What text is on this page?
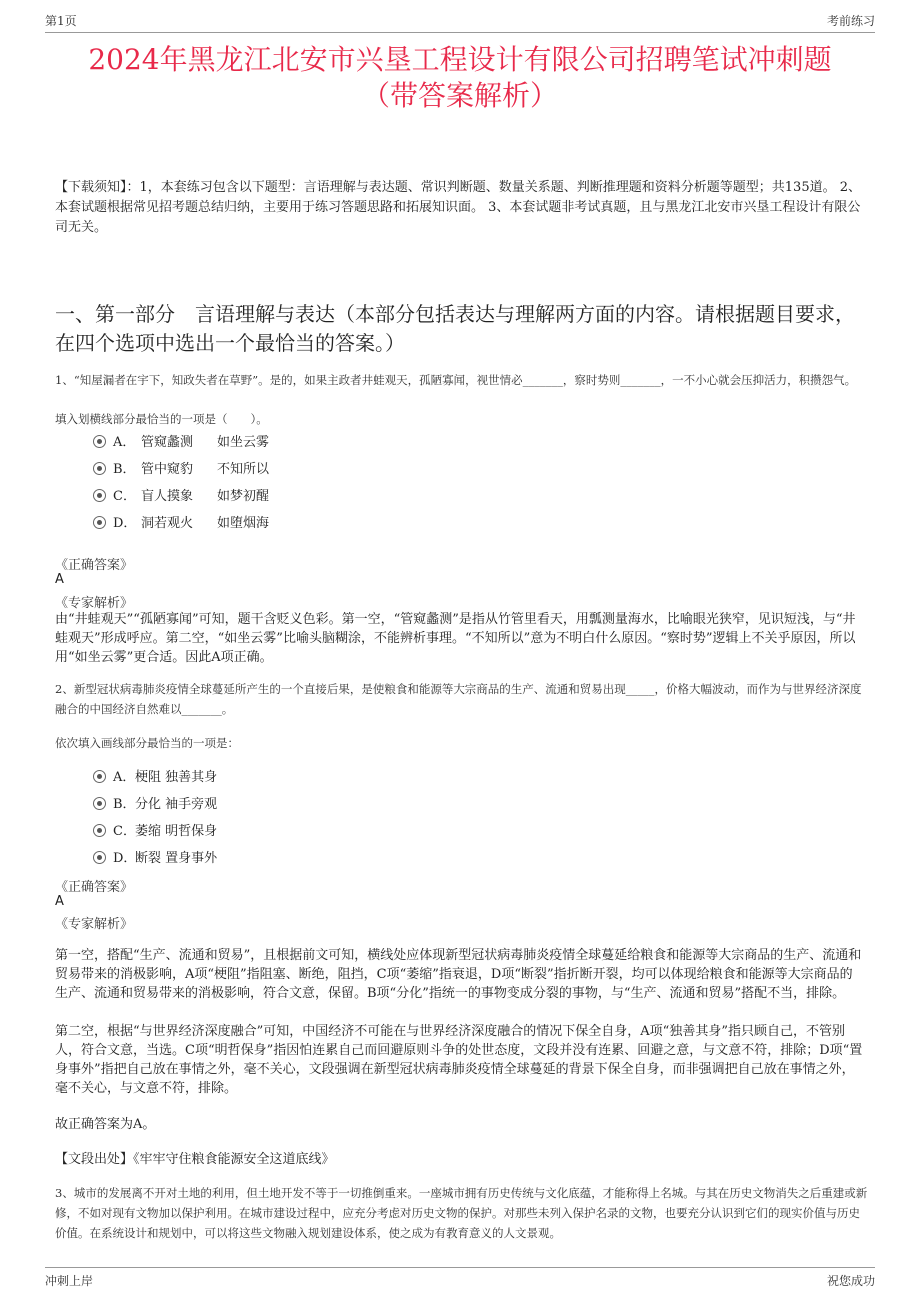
第1页	考前练习
2024年黑龙江北安市兴垦工程设计有限公司招聘笔试冲刺题
（带答案解析）
【下载须知】：1，本套练习包含以下题型：言语理解与表达题、常识判断题、数量关系题、判断推理题和资料分析题等题型；共135道。 2、本套试题根据常见招考题总结归纳，主要用于练习答题思路和拓展知识面。 3、本套试题非考试真题，且与黑龙江北安市兴垦工程设计有限公司无关。
一、第一部分　言语理解与表达（本部分包括表达与理解两方面的内容。请根据题目要求，在四个选项中选出一个最恰当的答案。）
1、“知屋漏者在宇下，知政失者在草野”。是的，如果主政者井蛙观天，孤陋寡闻，视世情必_______，察时势则_______，一不小心就会压抑活力，积攒怨气。
填入划横线部分最恰当的一项是（　　）。
A． 管窥蠡测 如坐云雾
B． 管中窥豹 不知所以
C． 盲人摸象 如梦初醒
D． 洞若观火 如堕烟海
《正确答案》
A
《专家解析》
由“井蛙观天”“孤陋寡闻”可知，题干含贬义色彩。第一空，“管窥蠡测”是指从竹管里看天，用瓢测量海水，比喻眼光狭窄，见识短浅，与“井蛙观天”形成呼应。第二空，“如坐云雾”比喻头脑糊涂，不能辨析事理。“不知所以”意为不明白什么原因。“察时势”逻辑上不关乎原因，所以用“如坐云雾”更合适。因此A项正确。
2、新型冠状病毒肺炎疫情全球蔓延所产生的一个直接后果，是使粮食和能源等大宗商品的生产、流通和贸易出现_____，价格大幅波动，而作为与世界经济深度融合的中国经济自然难以_______。
依次填入画线部分最恰当的一项是：
A．梗阻 独善其身
B．分化 袖手旁观
C．萎缩 明哲保身
D．断裂 置身事外
《正确答案》
A
《专家解析》
第一空，搭配“生产、流通和贸易”，且根据前文可知，横线处应体现新型冠状病毒肺炎疫情全球蔓延给粮食和能源等大宗商品的生产、流通和贸易带来的消极影响，A项“梗阻”指阻塞、断绝，阻挡，C项“萎缩”指衰退，D项“断裂”指折断开裂，均可以体现给粮食和能源等大宗商品的生产、流通和贸易带来的消极影响，符合文意，保留。B项“分化”指统一的事物变成分裂的事物，与“生产、流通和贸易”搭配不当，排除。
第二空，根据“与世界经济深度融合”可知，中国经济不可能在与世界经济深度融合的情况下保全自身，A项“独善其身”指只顾自己，不管别人，符合文意，当选。C项“明哲保身”指因怕连累自己而回避原则斗争的处世态度，文段并没有连累、回避之意，与文意不符，排除；D项“置身事外”指把自己放在事情之外，毫不关心，文段强调在新型冠状病毒肺炎疫情全球蔓延的背景下保全自身，而非强调把自己放在事情之外，毫不关心，与文意不符，排除。
故正确答案为A。
【文段出处】《牢牢守住粮食能源安全这道底线》
3、城市的发展离不开对土地的利用，但土地开发不等于一切推倒重来。一座城市拥有历史传统与文化底蕴，才能称得上名城。与其在历史文物消失之后重建或新修，不如对现有文物加以保护利用。在城市建设过程中，应充分考虑对历史文物的保护。对那些未列入保护名录的文物，也要充分认识到它们的现实价值与历史价值。在系统设计和规划中，可以将这些文物融入规划建设体系，使之成为有教育意义的人文景观。
冲刺上岸	祝您成功
